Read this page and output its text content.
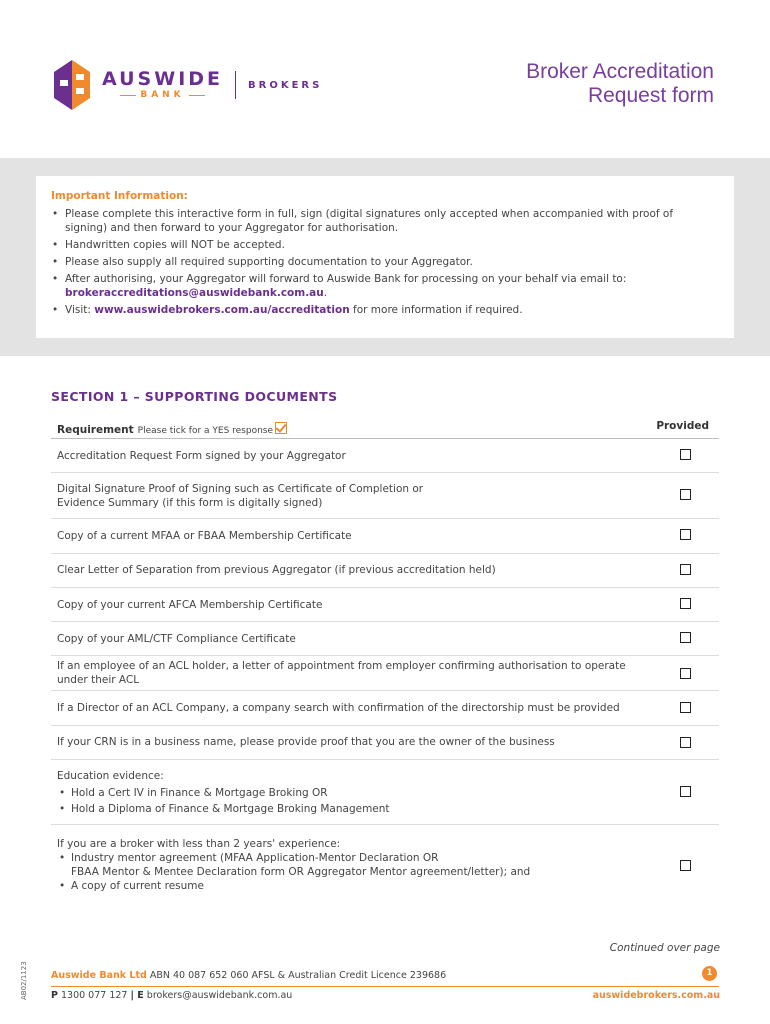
AUSWIDE
BANK
BROKERS
Broker Accreditation
Request form
Important Information:
• Please complete this interactive form in full, sign (digital signatures only accepted when accompanied with proof of signing) and then forward to your Aggregator for authorisation.
• Handwritten copies will NOT be accepted.
• Please also supply all required supporting documentation to your Aggregator.
• After authorising, your Aggregator will forward to Auswide Bank for processing on your behalf via email to:
brokeraccreditations@auswidebank.com.au.
• Visit: www.auswidebrokers.com.au/accreditation for more information if required.
SECTION 1 – SUPPORTING DOCUMENTS
Requirement Please tick for a YES response	Provided
Accreditation Request Form signed by your Aggregator
Digital Signature Proof of Signing such as Certificate of Completion or
Evidence Summary (if this form is digitally signed)
Copy of a current MFAA or FBAA Membership Certificate
Clear Letter of Separation from previous Aggregator (if previous accreditation held)
Copy of your current AFCA Membership Certificate
Copy of your AML/CTF Compliance Certificate
If an employee of an ACL holder, a letter of appointment from employer confirming authorisation to operate
under their ACL
If a Director of an ACL Company, a company search with confirmation of the directorship must be provided
If your CRN is in a business name, please provide proof that you are the owner of the business
Education evidence:
• Hold a Cert IV in Finance & Mortgage Broking OR
• Hold a Diploma of Finance & Mortgage Broking Management
If you are a broker with less than 2 years' experience:
• Industry mentor agreement (MFAA Application-Mentor Declaration OR
FBAA Mentor & Mentee Declaration form OR Aggregator Mentor agreement/letter); and
• A copy of current resume
Continued over page
AB02/1123 Auswide Bank Ltd ABN 40 087 652 060 AFSL & Australian Credit Licence 239686	1
P 1300 077 127 | E brokers@auswidebank.com.au	auswidebrokers.com.au
